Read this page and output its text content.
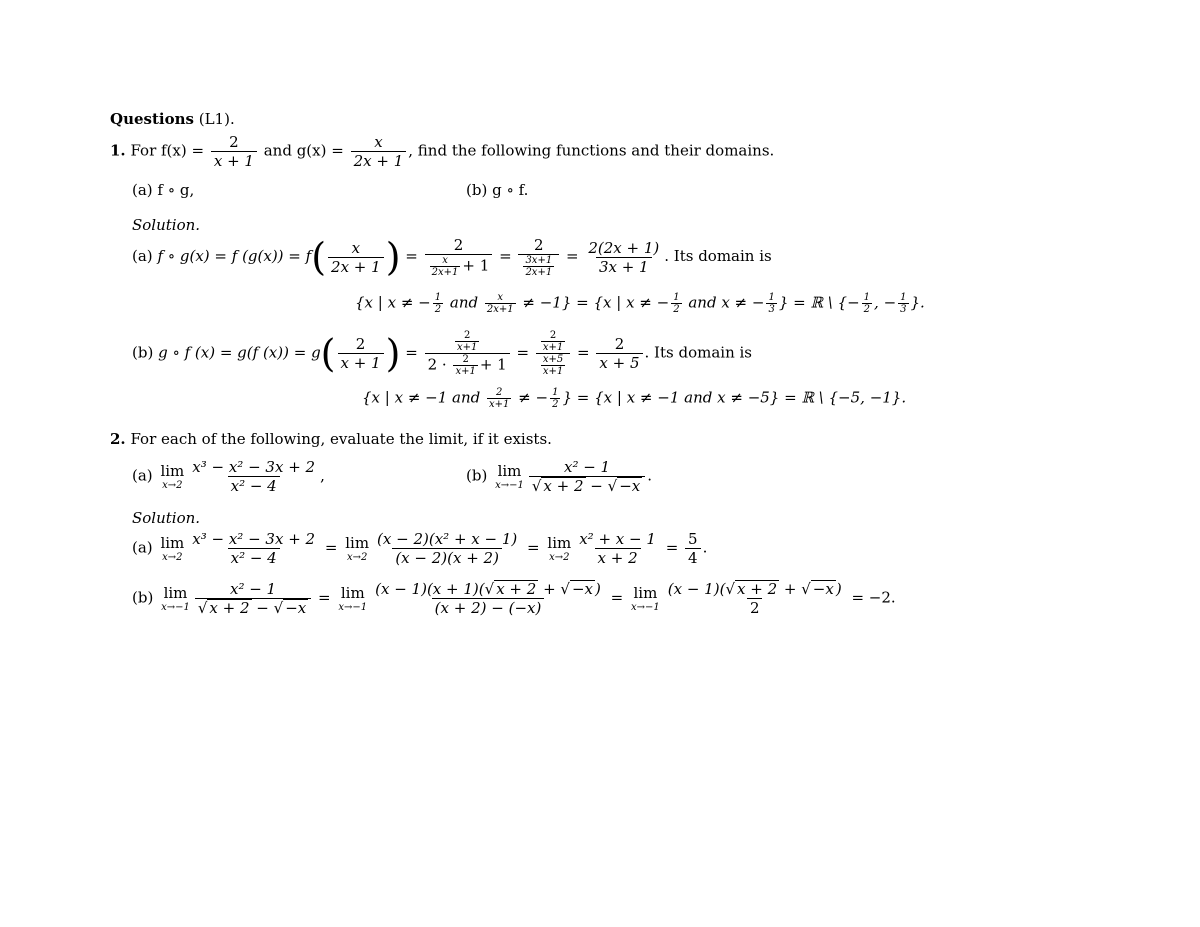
Questions (L1).
1. For $f(x) = \frac{2}{x + 1}$ and $g(x) = \frac{x}{2x + 1}$ , find the following functions and their domains.
(a) f ∘ g,	(b) g ∘ f.
Solution.
(a) f ∘ g(x) = f $(g(x)) = f( \frac{x}{2x + 1}$ ) = $\frac{2}{\frac{x}{2x+1} + 1} = \frac{2}{\frac{3x+1}{2x+1}} = \frac{2(2x + 1)}{3x + 1}$ . Its domain is
{x | x ≠ − $\frac{1}{2}$ and $\frac{x}{2x+1} \ne -1\} = \{x$ | x ≠ − $\frac{1}{2}$ and x ≠ − $\frac{1}{3}$ } = ℝ \ {− $\frac{1}{2}$ , − $\frac{1}{3}$ }.
(b) g ∘ f (x) = g(f $(x)) = g( \frac{2}{x + 1}$ ) = $\frac{\frac{2}{x+1}}{2 \cdot \frac{2}{x+1} + 1} = \frac{\frac{2}{x+1}}{\frac{x+5}{x+1}} = \frac{2}{x + 5}$ . Its domain is
{x | x ≠ −1 and $\frac{2}{x+1}$ ≠ − $\frac{1}{2}$ } = {x | x ≠ −1 and x ≠ −5} = ℝ \ {−5, −1}.
2. For each of the following, evaluate the limit, if it exists.
(a) lim
$x\to 2 \frac{\text{x³ − x² − 3x + 2}}{\text{x² − 4}}$ ,	(b) lim
$x\to-1 \frac{\text{x² − 1}}{√ x + 2 - √ -x}$ .
Solution.
(a) lim
$x\to 2 \frac{\text{x³ − x² − 3x + 2}}{\text{x² − 4}} = \lim$
$x\to 2 \frac{\text{(x − 2)(x² + x − 1)}}{(x - 2)(x + 2)} = \lim$
$x\to 2 \frac{\text{x² + x − 1}}{x + 2} = \frac{5}{4}$ .
(b) lim
$x\to-1 \frac{\text{x² − 1}}{√ x + 2 - √ -x} = \lim$
$x\to-1 \frac{(x - 1)(x + 1)(√ x + 2 + √ -x )}{(x + 2) - (-x)} = \lim$
$x\to-1 \frac{(x - 1)(√ x + 2 + √ -x )}{2} = -2$.
